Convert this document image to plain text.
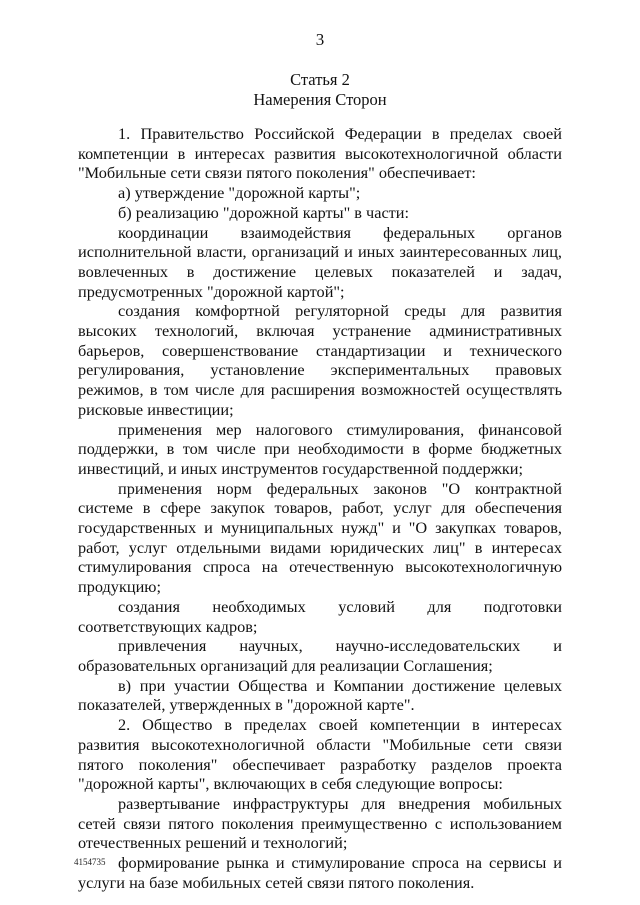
3
Статья 2
Намерения Сторон

1. Правительство Российской Федерации в пределах своей компетенции в интересах развития высокотехнологичной области "Мобильные сети связи пятого поколения" обеспечивает:

а) утверждение "дорожной карты";

б) реализацию "дорожной карты" в части:

координации взаимодействия федеральных органов исполнительной власти, организаций и иных заинтересованных лиц, вовлеченных в достижение целевых показателей и задач, предусмотренных "дорожной картой";

создания комфортной регуляторной среды для развития высоких технологий, включая устранение административных барьеров, совершенствование стандартизации и технического регулирования, установление экспериментальных правовых режимов, в том числе для расширения возможностей осуществлять рисковые инвестиции;

применения мер налогового стимулирования, финансовой поддержки, в том числе при необходимости в форме бюджетных инвестиций, и иных инструментов государственной поддержки;

применения норм федеральных законов "О контрактной системе в сфере закупок товаров, работ, услуг для обеспечения государственных и муниципальных нужд" и "О закупках товаров, работ, услуг отдельными видами юридических лиц" в интересах стимулирования спроса на отечественную высокотехнологичную продукцию;

создания необходимых условий для подготовки соответствующих кадров;

привлечения научных, научно-исследовательских и образовательных организаций для реализации Соглашения;

в) при участии Общества и Компании достижение целевых показателей, утвержденных в "дорожной карте".

2. Общество в пределах своей компетенции в интересах развития высокотехнологичной области "Мобильные сети связи пятого поколения" обеспечивает разработку разделов проекта "дорожной карты", включающих в себя следующие вопросы:

развертывание инфраструктуры для внедрения мобильных сетей связи пятого поколения преимущественно с использованием отечественных решений и технологий;

формирование рынка и стимулирование спроса на сервисы и услуги на базе мобильных сетей связи пятого поколения.

4154735
